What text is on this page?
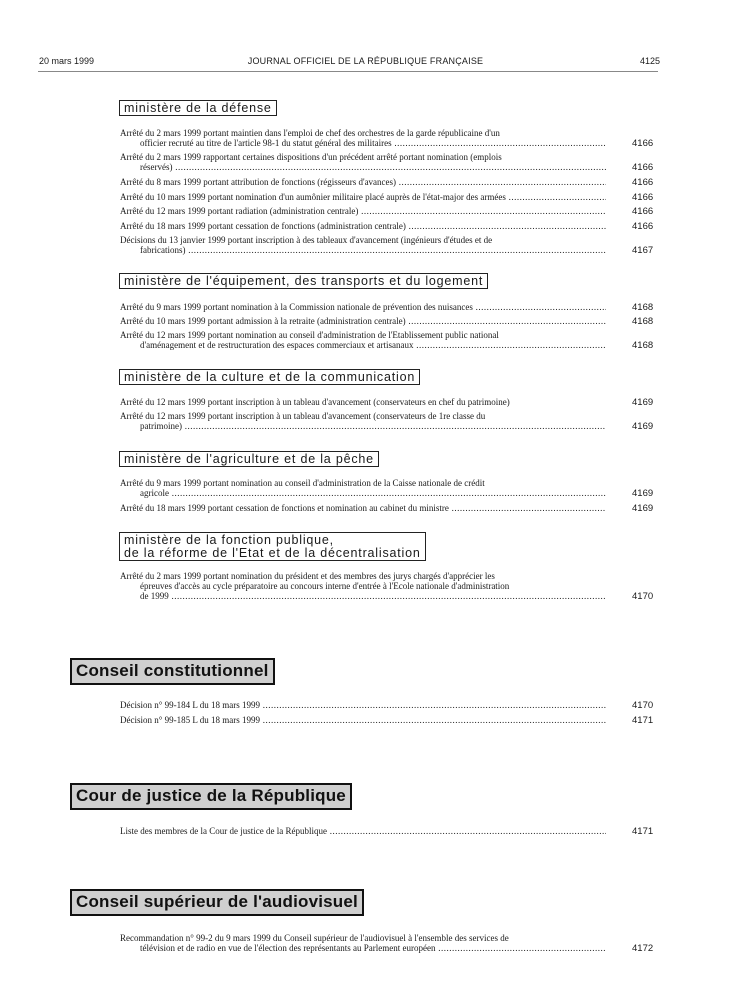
20 mars 1999	JOURNAL OFFICIEL DE LA RÉPUBLIQUE FRANÇAISE	4125
ministère de la défense
Arrêté du 2 mars 1999 portant maintien dans l'emploi de chef des orchestres de la garde républicaine d'un
officier recruté au titre de l'article 98-1 du statut général des militaires .....	4166
Arrêté du 2 mars 1999 rapportant certaines dispositions d'un précédent arrêté portant nomination (emplois
réservés) .....	4166
Arrêté du 8 mars 1999 portant attribution de fonctions (régisseurs d'avances) .....	4166
Arrêté du 10 mars 1999 portant nomination d'un aumônier militaire placé auprès de l'état-major des armées .....	4166
Arrêté du 12 mars 1999 portant radiation (administration centrale) .....	4166
Arrêté du 18 mars 1999 portant cessation de fonctions (administration centrale) .....	4166
Décisions du 13 janvier 1999 portant inscription à des tableaux d'avancement (ingénieurs d'études et de
fabrications) .....	4167
ministère de l'équipement, des transports et du logement
Arrêté du 9 mars 1999 portant nomination à la Commission nationale de prévention des nuisances .....	4168
Arrêté du 10 mars 1999 portant admission à la retraite (administration centrale) .....	4168
Arrêté du 12 mars 1999 portant nomination au conseil d'administration de l'Etablissement public national
d'aménagement et de restructuration des espaces commerciaux et artisanaux .....	4168
ministère de la culture et de la communication
Arrêté du 12 mars 1999 portant inscription à un tableau d'avancement (conservateurs en chef du patrimoine)	4169
Arrêté du 12 mars 1999 portant inscription à un tableau d'avancement (conservateurs de 1re classe du
patrimoine) .....	4169
ministère de l'agriculture et de la pêche
Arrêté du 9 mars 1999 portant nomination au conseil d'administration de la Caisse nationale de crédit
agricole .....	4169
Arrêté du 18 mars 1999 portant cessation de fonctions et nomination au cabinet du ministre .....	4169
ministère de la fonction publique,
de la réforme de l'Etat et de la décentralisation
Arrêté du 2 mars 1999 portant nomination du président et des membres des jurys chargés d'apprécier les
épreuves d'accès au cycle préparatoire au concours interne d'entrée à l'Ecole nationale d'administration
de 1999 .....	4170
Conseil constitutionnel
Décision n° 99-184 L du 18 mars 1999 .....	4170
Décision n° 99-185 L du 18 mars 1999 .....	4171
Cour de justice de la République
Liste des membres de la Cour de justice de la République .....	4171
Conseil supérieur de l'audiovisuel
Recommandation n° 99-2 du 9 mars 1999 du Conseil supérieur de l'audiovisuel à l'ensemble des services de
télévision et de radio en vue de l'élection des représentants au Parlement européen .....	4172
